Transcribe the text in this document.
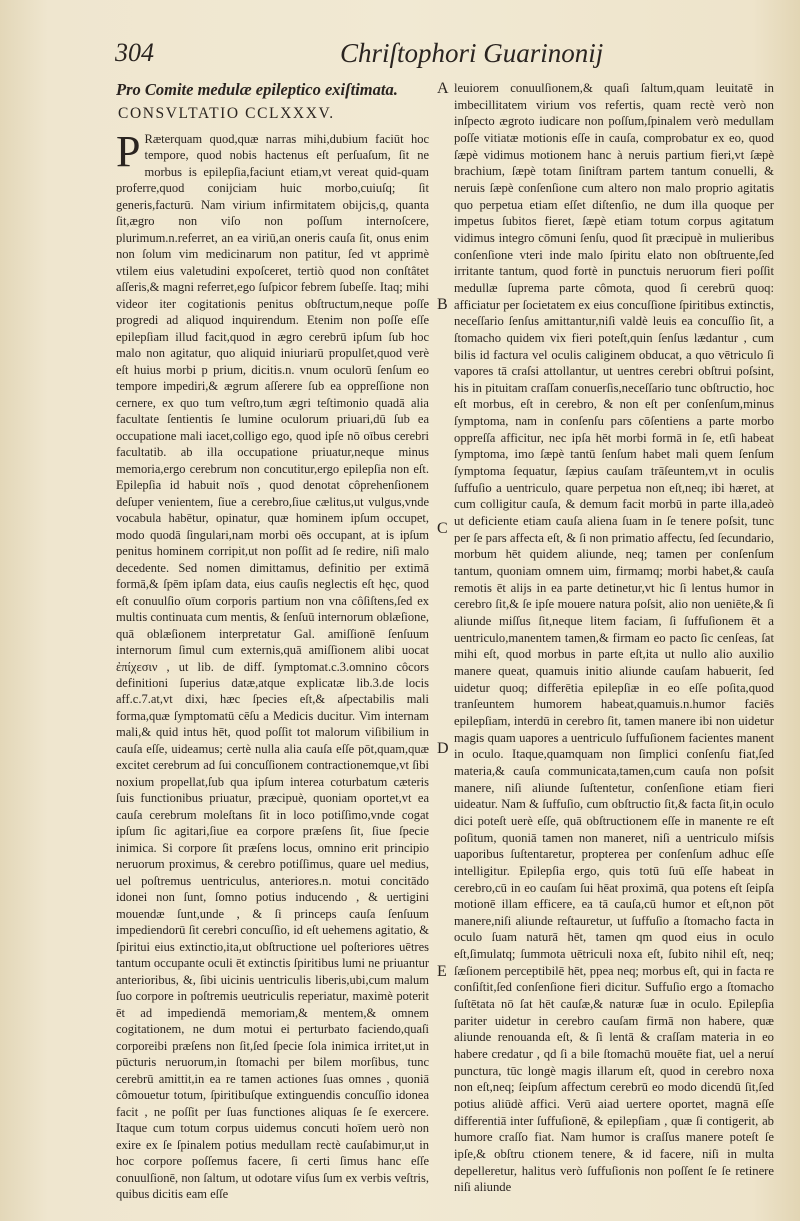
304	Chriſtophori Guarinonij
Pro Comite medulæ epileptico exiſtimata.
CONSVLTATIO CCLXXXV.

P Ræterquam quod,quæ narras mihi,dubium faciūt hoc tempore, quod nobis hactenus eſt perſuaſum, ſit ne morbus is epilepſia,faciunt etiam,vt vereat quid-quam proferre,quod conijciam huic morbo,cuiuſq; ſit generis,facturū. Nam virium infirmitatem obijcis,q, quanta ſit,ægro non viſo non poſſum internoſcere, plurimum.n.referret, an ea viriū,an oneris cauſa ſit, onus enim non ſolum vim medicinarum non patitur, ſed vt apprimè vtilem eius valetudini expoſceret, tertiò quod non conſtâtet aſſeris,& magni referret,ego ſuſpicor febrem ſubeſſe. Itaq; mihi videor iter cogitationis penitus obſtructum,neque poſſe progredi ad aliquod inquirendum. Etenim non poſſe eſſe epilepſiam illud facit,quod in ægro cerebrū ipſum ſub hoc malo non agitatur, quo aliquid iniuriarū propulſet,quod verè eſt huius morbi p prium, dicitis.n. vnum oculorū ſenſum eo tempore impediri,& ægrum aſſerere ſub ea oppreſſione non cernere, ex quo tum veſtro,tum ægri teſtimonio quadā alia facultate ſentientis ſe lumine oculorum priuari,dū ſub ea occupatione mali iacet,colligo ego, quod ipſe nō oībus cerebri facultatib. ab illa occupatione priuatur,neque minus memoria,ergo cerebrum non concutitur,ergo epilepſia non eſt. Epilepſia id habuit noīs , quod denotat côprehenſionem deſuper venientem, ſiue a cerebro,ſiue cælitus,ut vulgus,vnde vocabula habētur, opinatur, quæ hominem ipſum occupet, modo quodā ſingulari,nam morbi oēs occupant, at is ipſum penitus hominem corripit,ut non poſſit ad ſe redire, niſi malo decedente. Sed nomen dimittamus, definitio per extimā formā,& ſpēm ipſam data, eius cauſis neglectis eſt hęc, quod eſt conuulſio oīum corporis partium non vna côſiſtens,ſed ex multis continuata cum mentis, & ſenſuū internorum oblæſione, quā oblæſionem interpretatur Gal. amiſſionē ſenſuum internorum ſimul cum externis,quā amiſſionem alibi uocat ἐπίχεσιν , ut lib. de diff. ſymptomat.c.3.omnino côcors definitioni ſuperius datæ,atque explicatæ lib.3.de locis aff.c.7.at,vt dixi, hæc ſpecies eſt,& aſpectabilis mali forma,quæ ſymptomatū cēſu a Medicis ducitur. Vim internam mali,& quid intus hēt, quod poſſit tot malorum viſibilium in cauſa eſſe, uideamus; certè nulla alia cauſa eſſe pōt,quam,quæ excitet cerebrum ad ſui concuſſionem contractionemque,vt ſibi noxium propellat,ſub qua ipſum interea coturbatum cæteris ſuis functionibus priuatur, præcipuè, quoniam oportet,vt ea cauſa cerebrum moleſtans ſit in loco potiſſimo,vnde cogat ipſum ſic agitari,ſiue ea corpore præſens ſit, ſiue ſpecie inimica. Si corpore ſit præſens locus, omnino erit principio neruorum proximus, & cerebro potiſſimus, quare uel medius, uel poſtremus uentriculus, anteriores.n. motui concitādo idonei non ſunt, ſomno potius inducendo , & uertigini mouendæ ſunt,unde , & ſi princeps cauſa ſenſuum impediendorū ſit cerebri concuſſio, id eſt uehemens agitatio, & ſpiritui eius extinctio,ita,ut obſtructione uel poſteriores uētres tantum occupante oculi ēt extinctis ſpiritibus lumi ne priuantur anterioribus, &, ſibi uicinis uentriculis liberis,ubi,cum malum ſuo corpore in poſtremis ueutriculis reperiatur, maximè poterit ēt ad impediendā memoriam,& mentem,& omnem cogitationem, ne dum motui ei perturbato faciendo,quaſi corporeibi præſens non ſit,ſed ſpecie ſola inimica irritet,ut in pūcturis neruorum,in ſtomachi per bilem morſibus, tunc cerebrū amittit,in ea re tamen actiones ſuas omnes , quoniā cômouetur totum, ſpiritibuſque extinguendis concuſſio idonea facit , ne poſſit per ſuas functiones aliquas ſe ſe exercere. Itaque cum totum corpus uidemus concuti hoīem uerò non exire ex ſe ſpinalem potius medullam rectè cauſabimur,ut in hoc corpore poſſemus facere, ſi certi ſimus hanc eſſe conuulſionē, non ſaltum, ut odotare viſus ſum ex verbis veſtris, quibus dicitis eam eſſe

leuiorem conuulſionem,& quaſi ſaltum,quam leuitatē in imbecillitatem virium vos refertis, quam rectè verò non inſpecto ægroto iudicare non poſſum,ſpinalem verò medullam poſſe vitiatæ motionis eſſe in cauſa, comprobatur ex eo, quod ſæpè vidimus motionem hanc à neruis partium fieri,vt ſæpè brachium, ſæpè totam ſiniſtram partem tantum conuelli, & neruis ſæpè conſenſione cum altero non malo proprio agitatis quo perpetua etiam eſſet diſtenſio, ne dum illa quoque per impetus ſubitos fieret, ſæpè etiam totum corpus agitatum vidimus integro cōmuni ſenſu, quod ſit præcipuè in mulieribus conſenſione vteri inde malo ſpiritu elato non obſtruente,ſed irritante tantum, quod fortè in punctuis neruorum fieri poſſit medullæ ſuprema parte cômota, quod ſi cerebrū quoq: afficiatur per ſocietatem ex eius concuſſione ſpiritibus extinctis, neceſſario ſenſus amittantur,niſi valdè leuis ea concuſſio ſit, a ſtomacho quidem vix fieri poteſt,quin ſenſus lædantur , cum bilis id factura vel oculis caliginem obducat, a quo vētriculo ſi vapores tā craſsi attollantur, ut uentres cerebri obſtrui poſsint, his in pituitam craſſam conuerſis,neceſſario tunc obſtructio, hoc eſt morbus, eſt in cerebro, & non eſt per conſenſum,minus ſymptoma, nam in conſenſu pars cōſentiens a parte morbo oppreſſa afficitur, nec ipſa hēt morbi formā in ſe, etſi habeat ſymptoma, imo ſæpè tantū ſenſum habet mali quem ſenſum ſymptoma ſequatur, ſæpius cauſam trāſeuntem,vt in oculis ſuffuſio a uentriculo, quare perpetua non eſt,neq; ibi hæret, at cum colligitur cauſa, & demum facit morbū in parte illa,adeò ut deficiente etiam cauſa aliena ſuam in ſe tenere poſsit, tunc per ſe pars affecta eſt, & ſi non primatio affectu, ſed ſecundario, morbum hēt quidem aliunde, neq; tamen per conſenſum tantum, quoniam omnem uim, firmamq; morbi habet,& cauſa remotis ēt alijs in ea parte detinetur,vt hic ſi lentus humor in cerebro ſit,& ſe ipſe mouere natura poſsit, alio non ueniēte,& ſi aliunde miſſus ſit,neque litem faciam, ſi ſuffuſionem ēt a uentriculo,manentem tamen,& firmam eo pacto ſic cenſeas, ſat mihi eſt, quod morbus in parte eſt,ita ut nullo alio auxilio manere queat, quamuis initio aliunde cauſam habuerit, ſed uidetur quoq; differētia epilepſiæ in eo eſſe poſita,quod tranſeuntem humorem habeat,quamuis.n.humor faciēs epilepſiam, interdū in cerebro ſit, tamen manere ibi non uidetur magis quam uapores a uentriculo ſuffuſionem facientes manent in oculo. Itaque,quamquam non ſimplici conſenſu fiat,ſed materia,& cauſa communicata,tamen,cum cauſa non poſsit manere, niſi aliunde ſuſtentetur, conſenſione etiam fieri uideatur. Nam & ſuffuſio, cum obſtructio ſit,& facta ſit,in oculo dici poteſt uerè eſſe, quā obſtructionem eſſe in manente re eſt poſitum, quoniā tamen non maneret, niſi a uentriculo miſsis uaporibus ſuſtentaretur, propterea per conſenſum adhuc eſſe intelligitur. Epilepſia ergo, quis totū ſuū eſſe habeat in cerebro,cū in eo cauſam ſui hēat proximā, qua potens eſt ſeipſa motionē illam efficere, ea tā cauſa,cū humor et eſt,non pōt manere,niſi aliunde reſtauretur, ut ſuffuſio a ſtomacho facta in oculo ſuam naturā hēt, tamen qm quod eius in oculo eſt,ſimulatq; ſummota uētriculi noxa eſt, ſubito nihil eſt, neq; ſæſionem perceptibilē hēt, ppea neq; morbus eſt, qui in facta re conſiſtit,ſed conſenſione fieri dicitur. Suffuſio ergo a ſtomacho ſuſtētata nō ſat hēt cauſæ,& naturæ ſuæ in oculo. Epilepſia pariter uidetur in cerebro cauſam firmā non habere, quæ aliunde renouanda eſt, & ſi lentā & craſſam materia in eo habere credatur , qd ſi a bile ſtomachū mouēte fiat, uel a neruí punctura, tūc longè magis illarum eſt, quod in cerebro noxa non eſt,neq; ſeipſum affectum cerebrū eo modo dicendū ſit,ſed potius aliūdè affici. Verū aiad uertere oportet, magnā eſſe differentiā inter ſuffuſionē, & epilepſiam , quæ ſi contigerit, ab humore craſſo fiat. Nam humor is craſſus manere poteſt ſe ipſe,& obſtru ctionem tenere, & id facere, niſi in multa depelleretur, halitus verò ſuffuſionis non poſſent ſe ſe retinere niſi aliunde

A
B
C
D
E
